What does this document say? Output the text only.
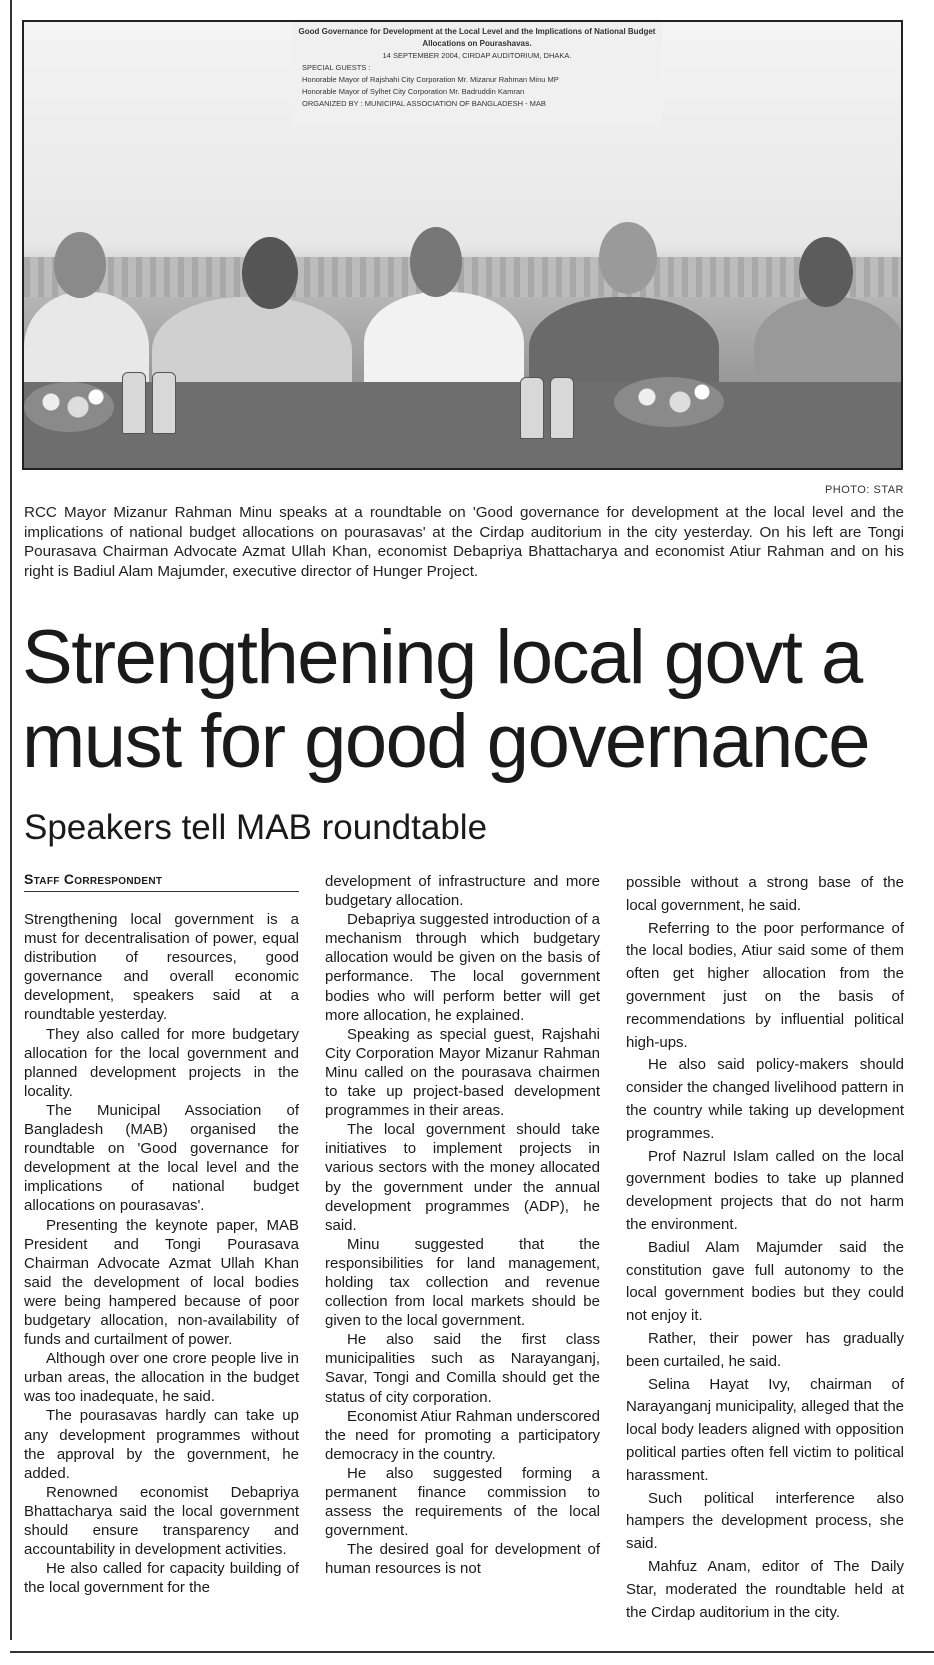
Good Governance for Development at the Local Level and the Implications of National Budget Allocations on Pourashavas.
14 SEPTEMBER 2004, CIRDAP AUDITORIUM, DHAKA.
SPECIAL GUESTS :
Honorable Mayor of Rajshahi City Corporation Mr. Mizanur Rahman Minu MP
Honorable Mayor of Sylhet City Corporation Mr. Badruddin Kamran
ORGANIZED BY : MUNICIPAL ASSOCIATION OF BANGLADESH - MAB
PHOTO: STAR
RCC Mayor Mizanur Rahman Minu speaks at a roundtable on 'Good governance for development at the local level and the implications of national budget allocations on pourasavas' at the Cirdap auditorium in the city yesterday. On his left are Tongi Pourasava Chairman Advocate Azmat Ullah Khan, economist Debapriya Bhattacharya and economist Atiur Rahman and on his right is Badiul Alam Majumder, executive director of Hunger Project.
Strengthening local govt a must for good governance
Speakers tell MAB roundtable
Staff Correspondent

Strengthening local government is a must for decentralisation of power, equal distribution of resources, good governance and overall economic development, speakers said at a roundtable yesterday.

They also called for more budgetary allocation for the local government and planned development projects in the locality.

The Municipal Association of Bangladesh (MAB) organised the roundtable on 'Good governance for development at the local level and the implications of national budget allocations on pourasavas'.

Presenting the keynote paper, MAB President and Tongi Pourasava Chairman Advocate Azmat Ullah Khan said the development of local bodies were being hampered because of poor budgetary allocation, non-availability of funds and curtailment of power.

Although over one crore people live in urban areas, the allocation in the budget was too inadequate, he said.

The pourasavas hardly can take up any development programmes without the approval by the government, he added.

Renowned economist Debapriya Bhattacharya said the local government should ensure transparency and accountability in development activities.

He also called for capacity building of the local government for the

development of infrastructure and more budgetary allocation.

Debapriya suggested introduction of a mechanism through which budgetary allocation would be given on the basis of performance. The local government bodies who will perform better will get more allocation, he explained.

Speaking as special guest, Rajshahi City Corporation Mayor Mizanur Rahman Minu called on the pourasava chairmen to take up project-based development programmes in their areas.

The local government should take initiatives to implement projects in various sectors with the money allocated by the government under the annual development programmes (ADP), he said.

Minu suggested that the responsibilities for land management, holding tax collection and revenue collection from local markets should be given to the local government.

He also said the first class municipalities such as Narayanganj, Savar, Tongi and Comilla should get the status of city corporation.

Economist Atiur Rahman underscored the need for promoting a participatory democracy in the country.

He also suggested forming a permanent finance commission to assess the requirements of the local government.

The desired goal for development of human resources is not

possible without a strong base of the local government, he said.

Referring to the poor performance of the local bodies, Atiur said some of them often get higher allocation from the government just on the basis of recommendations by influential political high-ups.

He also said policy-makers should consider the changed livelihood pattern in the country while taking up development programmes.

Prof Nazrul Islam called on the local government bodies to take up planned development projects that do not harm the environment.

Badiul Alam Majumder said the constitution gave full autonomy to the local government bodies but they could not enjoy it.

Rather, their power has gradually been curtailed, he said.

Selina Hayat Ivy, chairman of Narayanganj municipality, alleged that the local body leaders aligned with opposition political parties often fell victim to political harassment.

Such political interference also hampers the development process, she said.

Mahfuz Anam, editor of The Daily Star, moderated the roundtable held at the Cirdap auditorium in the city.
